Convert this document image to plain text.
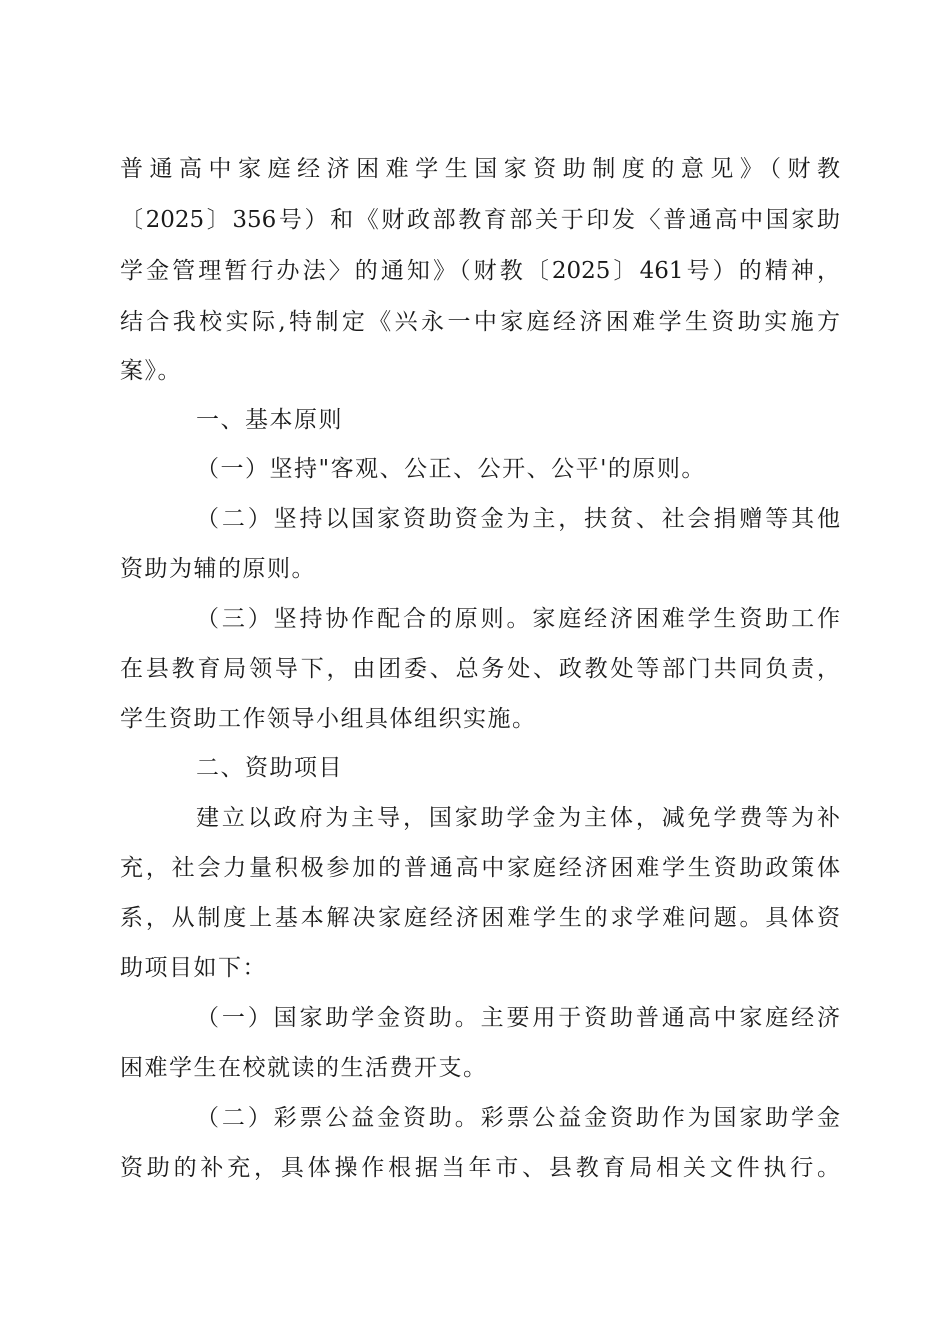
普通高中家庭经济困难学生国家资助制度的意见》（财教
〔2025〕356号）和《财政部教育部关于印发〈普通高中国家助
学金管理暂行办法〉的通知》（财教〔2025〕461号）的精神，
结合我校实际,特制定《兴永一中家庭经济困难学生资助实施方
案》。
一、基本原则
（一）坚持"客观、公正、公开、公平'的原则。
（二）坚持以国家资助资金为主，扶贫、社会捐赠等其他
资助为辅的原则。
（三）坚持协作配合的原则。家庭经济困难学生资助工作
在县教育局领导下，由团委、总务处、政教处等部门共同负责，
学生资助工作领导小组具体组织实施。
二、资助项目
建立以政府为主导，国家助学金为主体，减免学费等为补
充，社会力量积极参加的普通高中家庭经济困难学生资助政策体
系，从制度上基本解决家庭经济困难学生的求学难问题。具体资
助项目如下：
（一）国家助学金资助。主要用于资助普通高中家庭经济
困难学生在校就读的生活费开支。
（二）彩票公益金资助。彩票公益金资助作为国家助学金
资助的补充，具体操作根据当年市、县教育局相关文件执行。
